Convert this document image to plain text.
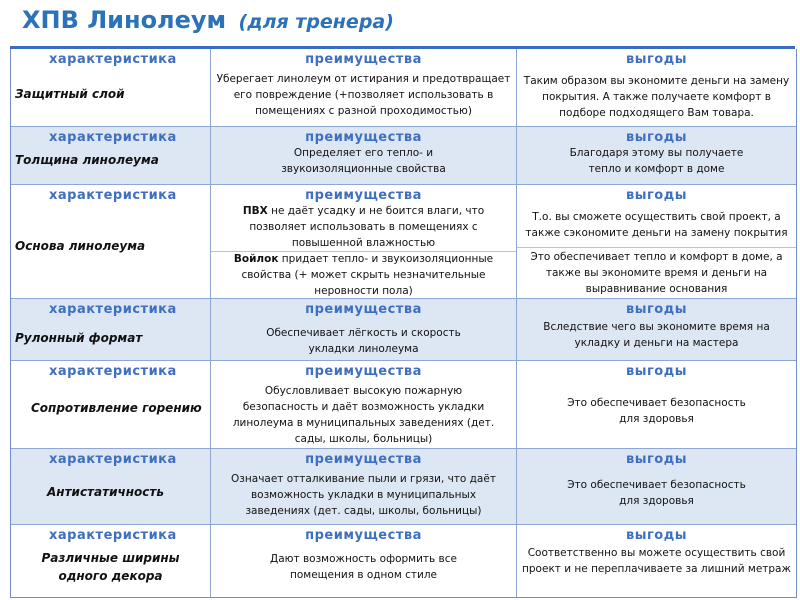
ХПВ Линолеум (для тренера)
характеристика
Защитный слой
преимущества
Уберегает линолеум от истирания и предотвращает его повреждение (+позволяет использовать в помещениях с разной проходимостью)
выгоды
Таким образом вы экономите деньги на замену покрытия. А также получаете комфорт в подборе подходящего Вам товара.
характеристика
Толщина линолеума
преимущества
Определяет его тепло- и звукоизоляционные свойства
выгоды
Благодаря этому вы получаете тепло и комфорт в доме
характеристика
Основа линолеума
преимущества
ПВХ не даёт усадку и не боится влаги, что позволяет использовать в помещениях с повышенной влажностью
Войлок придает тепло- и звукоизоляционные свойства (+ может скрыть незначительные неровности пола)
выгоды
Т.о. вы сможете осуществить свой проект, а также сэкономите деньги на замену покрытия
Это обеспечивает тепло и комфорт в доме, а также вы экономите время и деньги на выравнивание основания
характеристика
Рулонный формат
преимущества
Обеспечивает лёгкость и скорость укладки линолеума
выгоды
Вследствие чего вы экономите время на укладку и деньги на мастера
характеристика
Сопротивление горению
преимущества
Обусловливает высокую пожарную безопасность и даёт возможность укладки линолеума в муниципальных заведениях (дет. сады, школы, больницы)
выгоды
Это обеспечивает безопасность для здоровья
характеристика
Антистатичность
преимущества
Означает отталкивание пыли и грязи, что даёт возможность укладки в муниципальных заведениях (дет. сады, школы, больницы)
выгоды
Это обеспечивает безопасность для здоровья
характеристика
Различные ширины одного декора
преимущества
Дают возможность оформить все помещения в одном стиле
выгоды
Соответственно вы можете осуществить свой проект и не переплачиваете за лишний метраж
